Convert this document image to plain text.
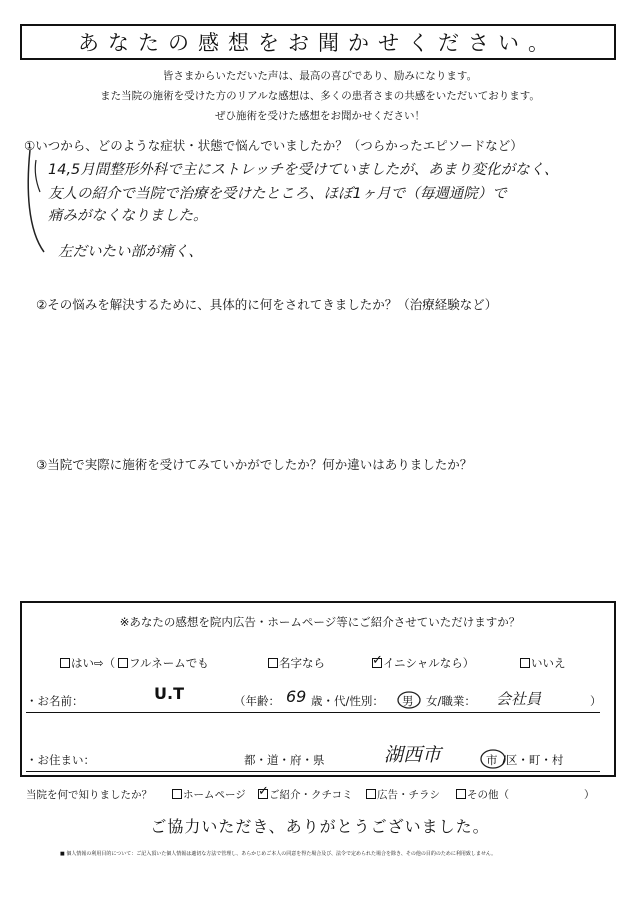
あなたの感想をお聞かせください。
皆さまからいただいた声は、最高の喜びであり、励みになります。
また当院の施術を受けた方のリアルな感想は、多くの患者さまの共感をいただいております。
ぜひ施術を受けた感想をお聞かせください！
①いつから、どのような症状・状態で悩んでいましたか？（つらかったエピソードなど）
14,5月間整形外科で主にストレッチを受けていましたが、あまり変化がなく、
友人の紹介で当院で治療を受けたところ、ほぼ1ヶ月で（毎週通院）で
痛みがなくなりました。
左だいたい部が痛く、
②その悩みを解決するために、具体的に何をされてきましたか？（治療経験など）
③当院で実際に施術を受けてみていかがでしたか？何か違いはありましたか？
※あなたの感想を院内広告・ホームページ等にご紹介させていただけますか？
はい⇨（	フルネームでも	名字なら ✓	イニシャルなら）	いいえ
・お名前：	U.T	（年齢： 69 歳・代/性別： 男 女/職業： 会社員	）
・お住まい：	都・道・府・県	湖西市	市 /区・町・村
当院を何で知りましたか？	ホームページ ✓	ご紹介・クチコミ	広告・チラシ	その他（	）
ご協力いただき、ありがとうございました。
■ 個人情報の利用目的について：ご記入頂いた個人情報は適切な方法で管理し、あらかじめご本人の同意を得た場合及び、法令で定められた場合を除き、その他の目的のために利用致しません。
